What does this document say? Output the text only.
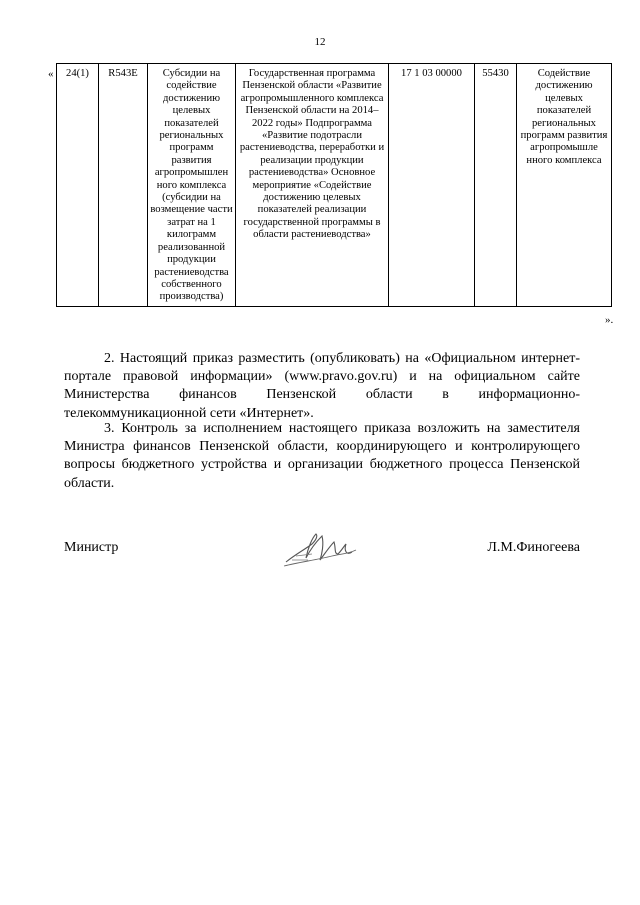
12
« 24(1)	R543E	Субсидии на содействие достижению целевых показателей региональных программ развития агропромышлен ного комплекса (субсидии на возмещение части затрат на 1 килограмм реализованной продукции растениеводства собственного производства)	Государственная программа Пензенской области «Развитие агропромышленного комплекса Пензенской области на 2014–2022 годы» Подпрограмма «Развитие подотрасли растениеводства, переработки и реализации продукции растениеводства» Основное мероприятие «Содействие достижению целевых показателей реализации государственной программы в области растениеводства»	17 1 03 00000	55430	Содействие достижению целевых показателей региональных программ развития агропромышле нного комплекса
».
2. Настоящий приказ разместить (опубликовать) на «Официальном интернет-портале правовой информации» (www.pravo.gov.ru) и на официальном сайте Министерства финансов Пензенской области в информационно-телекоммуникационной сети «Интернет».
3. Контроль за исполнением настоящего приказа возложить на заместителя Министра финансов Пензенской области, координирующего и контролирующего вопросы бюджетного устройства и организации бюджетного процесса Пензенской области.
Министр	Л.М.Финогеева
